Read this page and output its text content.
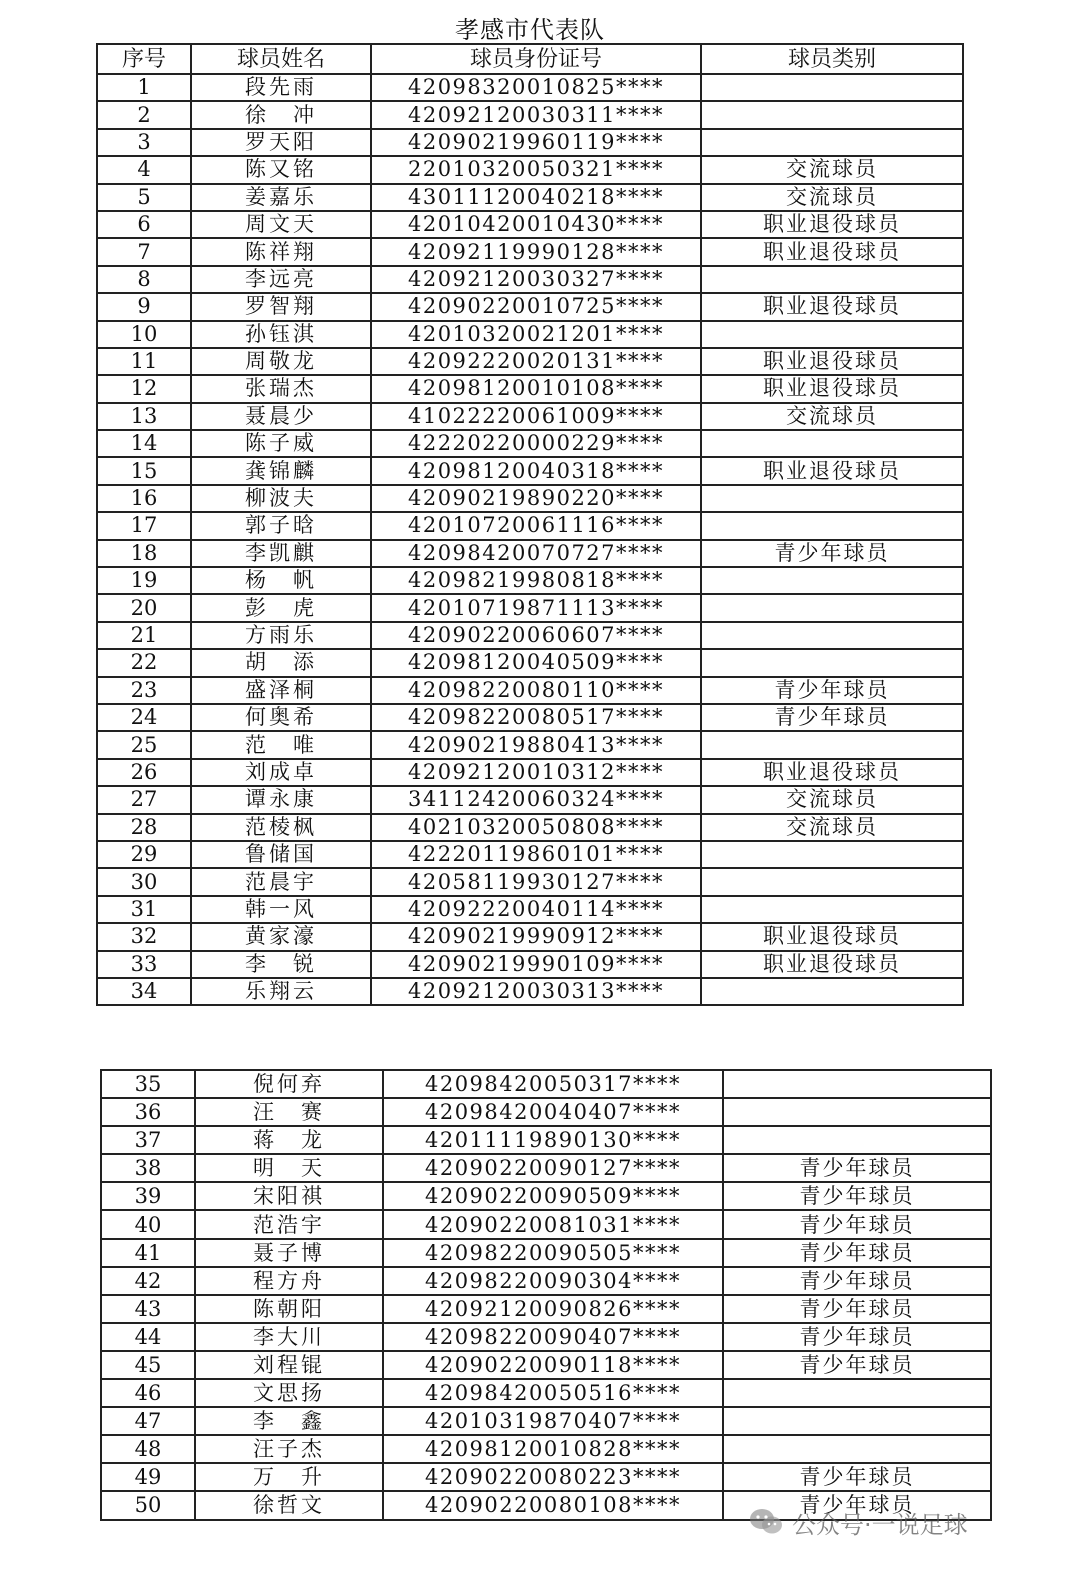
孝感市代表队
序号	球员姓名	球员身份证号	球员类别
1	段先雨	42098320010825****	
2	徐　冲	42092120030311****	
3	罗天阳	42090219960119****	
4	陈又铭	22010320050321****	交流球员
5	姜嘉乐	43011120040218****	交流球员
6	周文天	42010420010430****	职业退役球员
7	陈祥翔	42092119990128****	职业退役球员
8	李远亮	42092120030327****	
9	罗智翔	42090220010725****	职业退役球员
10	孙钰淇	42010320021201****	
11	周敬龙	42092220020131****	职业退役球员
12	张瑞杰	42098120010108****	职业退役球员
13	聂晨少	41022220061009****	交流球员
14	陈子威	42220220000229****	
15	龚锦麟	42098120040318****	职业退役球员
16	柳波夫	42090219890220****	
17	郭子晗	42010720061116****	
18	李凯麒	42098420070727****	青少年球员
19	杨　帆	42098219980818****	
20	彭　虎	42010719871113****	
21	方雨乐	42090220060607****	
22	胡　添	42098120040509****	
23	盛泽桐	42098220080110****	青少年球员
24	何奥希	42098220080517****	青少年球员
25	范　唯	42090219880413****	
26	刘成卓	42092120010312****	职业退役球员
27	谭永康	34112420060324****	交流球员
28	范棱枫	40210320050808****	交流球员
29	鲁储国	42220119860101****	
30	范晨宇	42058119930127****	
31	韩一风	42092220040114****	
32	黄家濠	42090219990912****	职业退役球员
33	李　锐	42090219990109****	职业退役球员
34	乐翔云	42092120030313****	
35	倪何弃	42098420050317****	
36	汪　赛	42098420040407****	
37	蒋　龙	42011119890130****	
38	明　天	42090220090127****	青少年球员
39	宋阳祺	42090220090509****	青少年球员
40	范浩宇	42090220081031****	青少年球员
41	聂子博	42098220090505****	青少年球员
42	程方舟	42098220090304****	青少年球员
43	陈朝阳	42092120090826****	青少年球员
44	李大川	42098220090407****	青少年球员
45	刘程锟	42090220090118****	青少年球员
46	文思扬	42098420050516****	
47	李　鑫	42010319870407****	
48	汪子杰	42098120010828****	
49	万　升	42090220080223****	青少年球员
50	徐哲文	42090220080108****	青少年球员
公众号·一说足球
